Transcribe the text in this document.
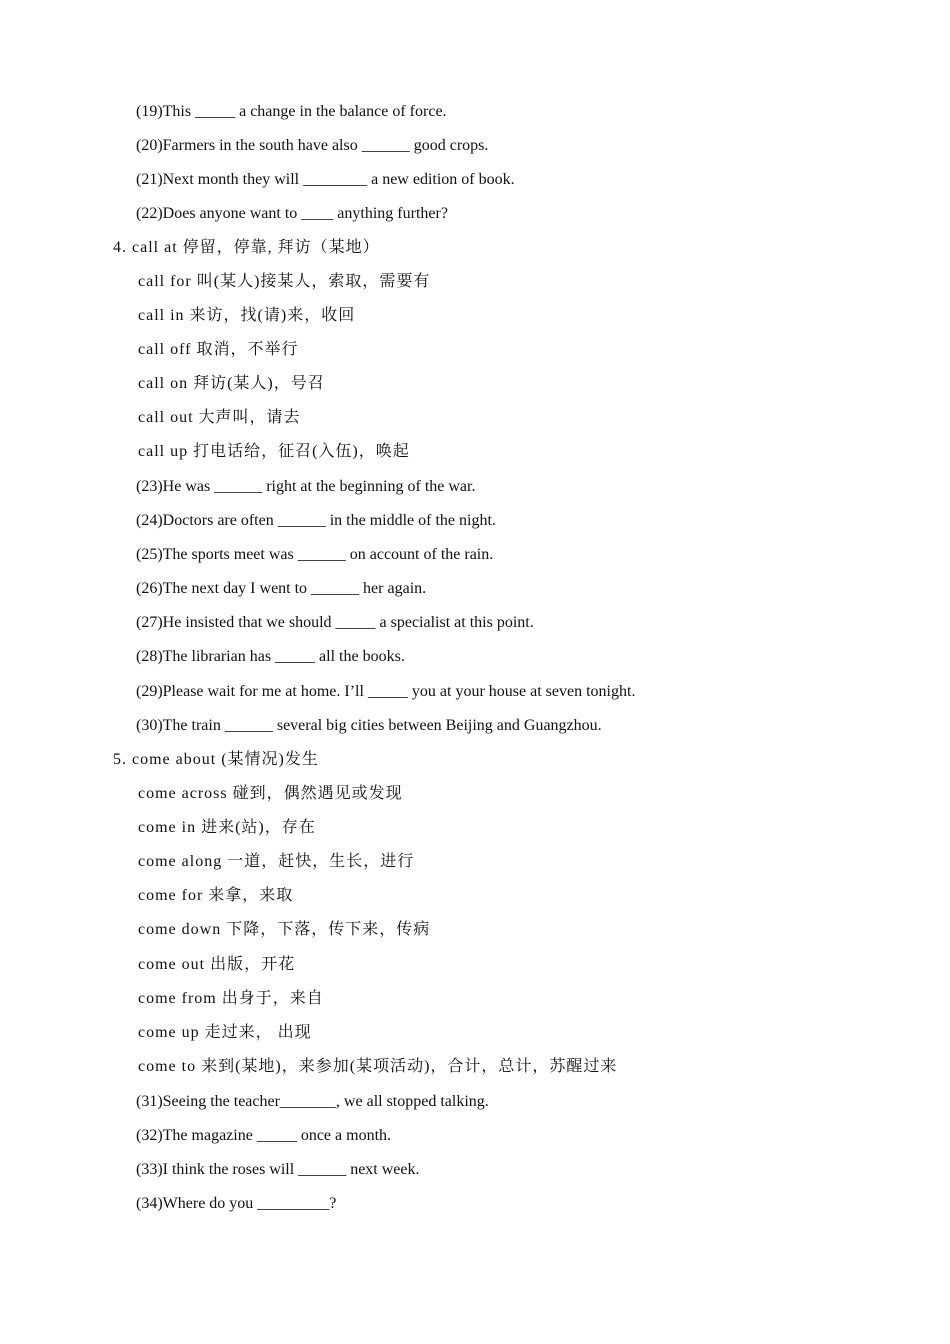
(19)This _____ a change in the balance of force.
(20)Farmers in the south have also ______ good crops.
(21)Next month they will ________ a new edition of book.
(22)Does anyone want to ____ anything further?
4. call at 停留，停靠, 拜访（某地）
call for 叫(某人)接某人，索取，需要有
call in 来访，找(请)来，收回
call off 取消，不举行
call on 拜访(某人)，号召
call out 大声叫，请去
call up 打电话给，征召(入伍)，唤起
(23)He was ______ right at the beginning of the war.
(24)Doctors are often ______ in the middle of the night.
(25)The sports meet was ______ on account of the rain.
(26)The next day I went to ______ her again.
(27)He insisted that we should _____ a specialist at this point.
(28)The librarian has _____ all the books.
(29)Please wait for me at home. I’ll _____ you at your house at seven tonight.
(30)The train ______ several big cities between Beijing and Guangzhou.
5. come about (某情况)发生
come across 碰到，偶然遇见或发现
come in 进来(站)，存在
come along 一道，赶快，生长，进行
come for 来拿，来取
come down 下降，下落，传下来，传病
come out 出版，开花
come from 出身于，来自
come up 走过来， 出现
come to 来到(某地)，来参加(某项活动)，合计，总计，苏醒过来
(31)Seeing the teacher_______, we all stopped talking.
(32)The magazine _____ once a month.
(33)I think the roses will ______ next week.
(34)Where do you _________?
